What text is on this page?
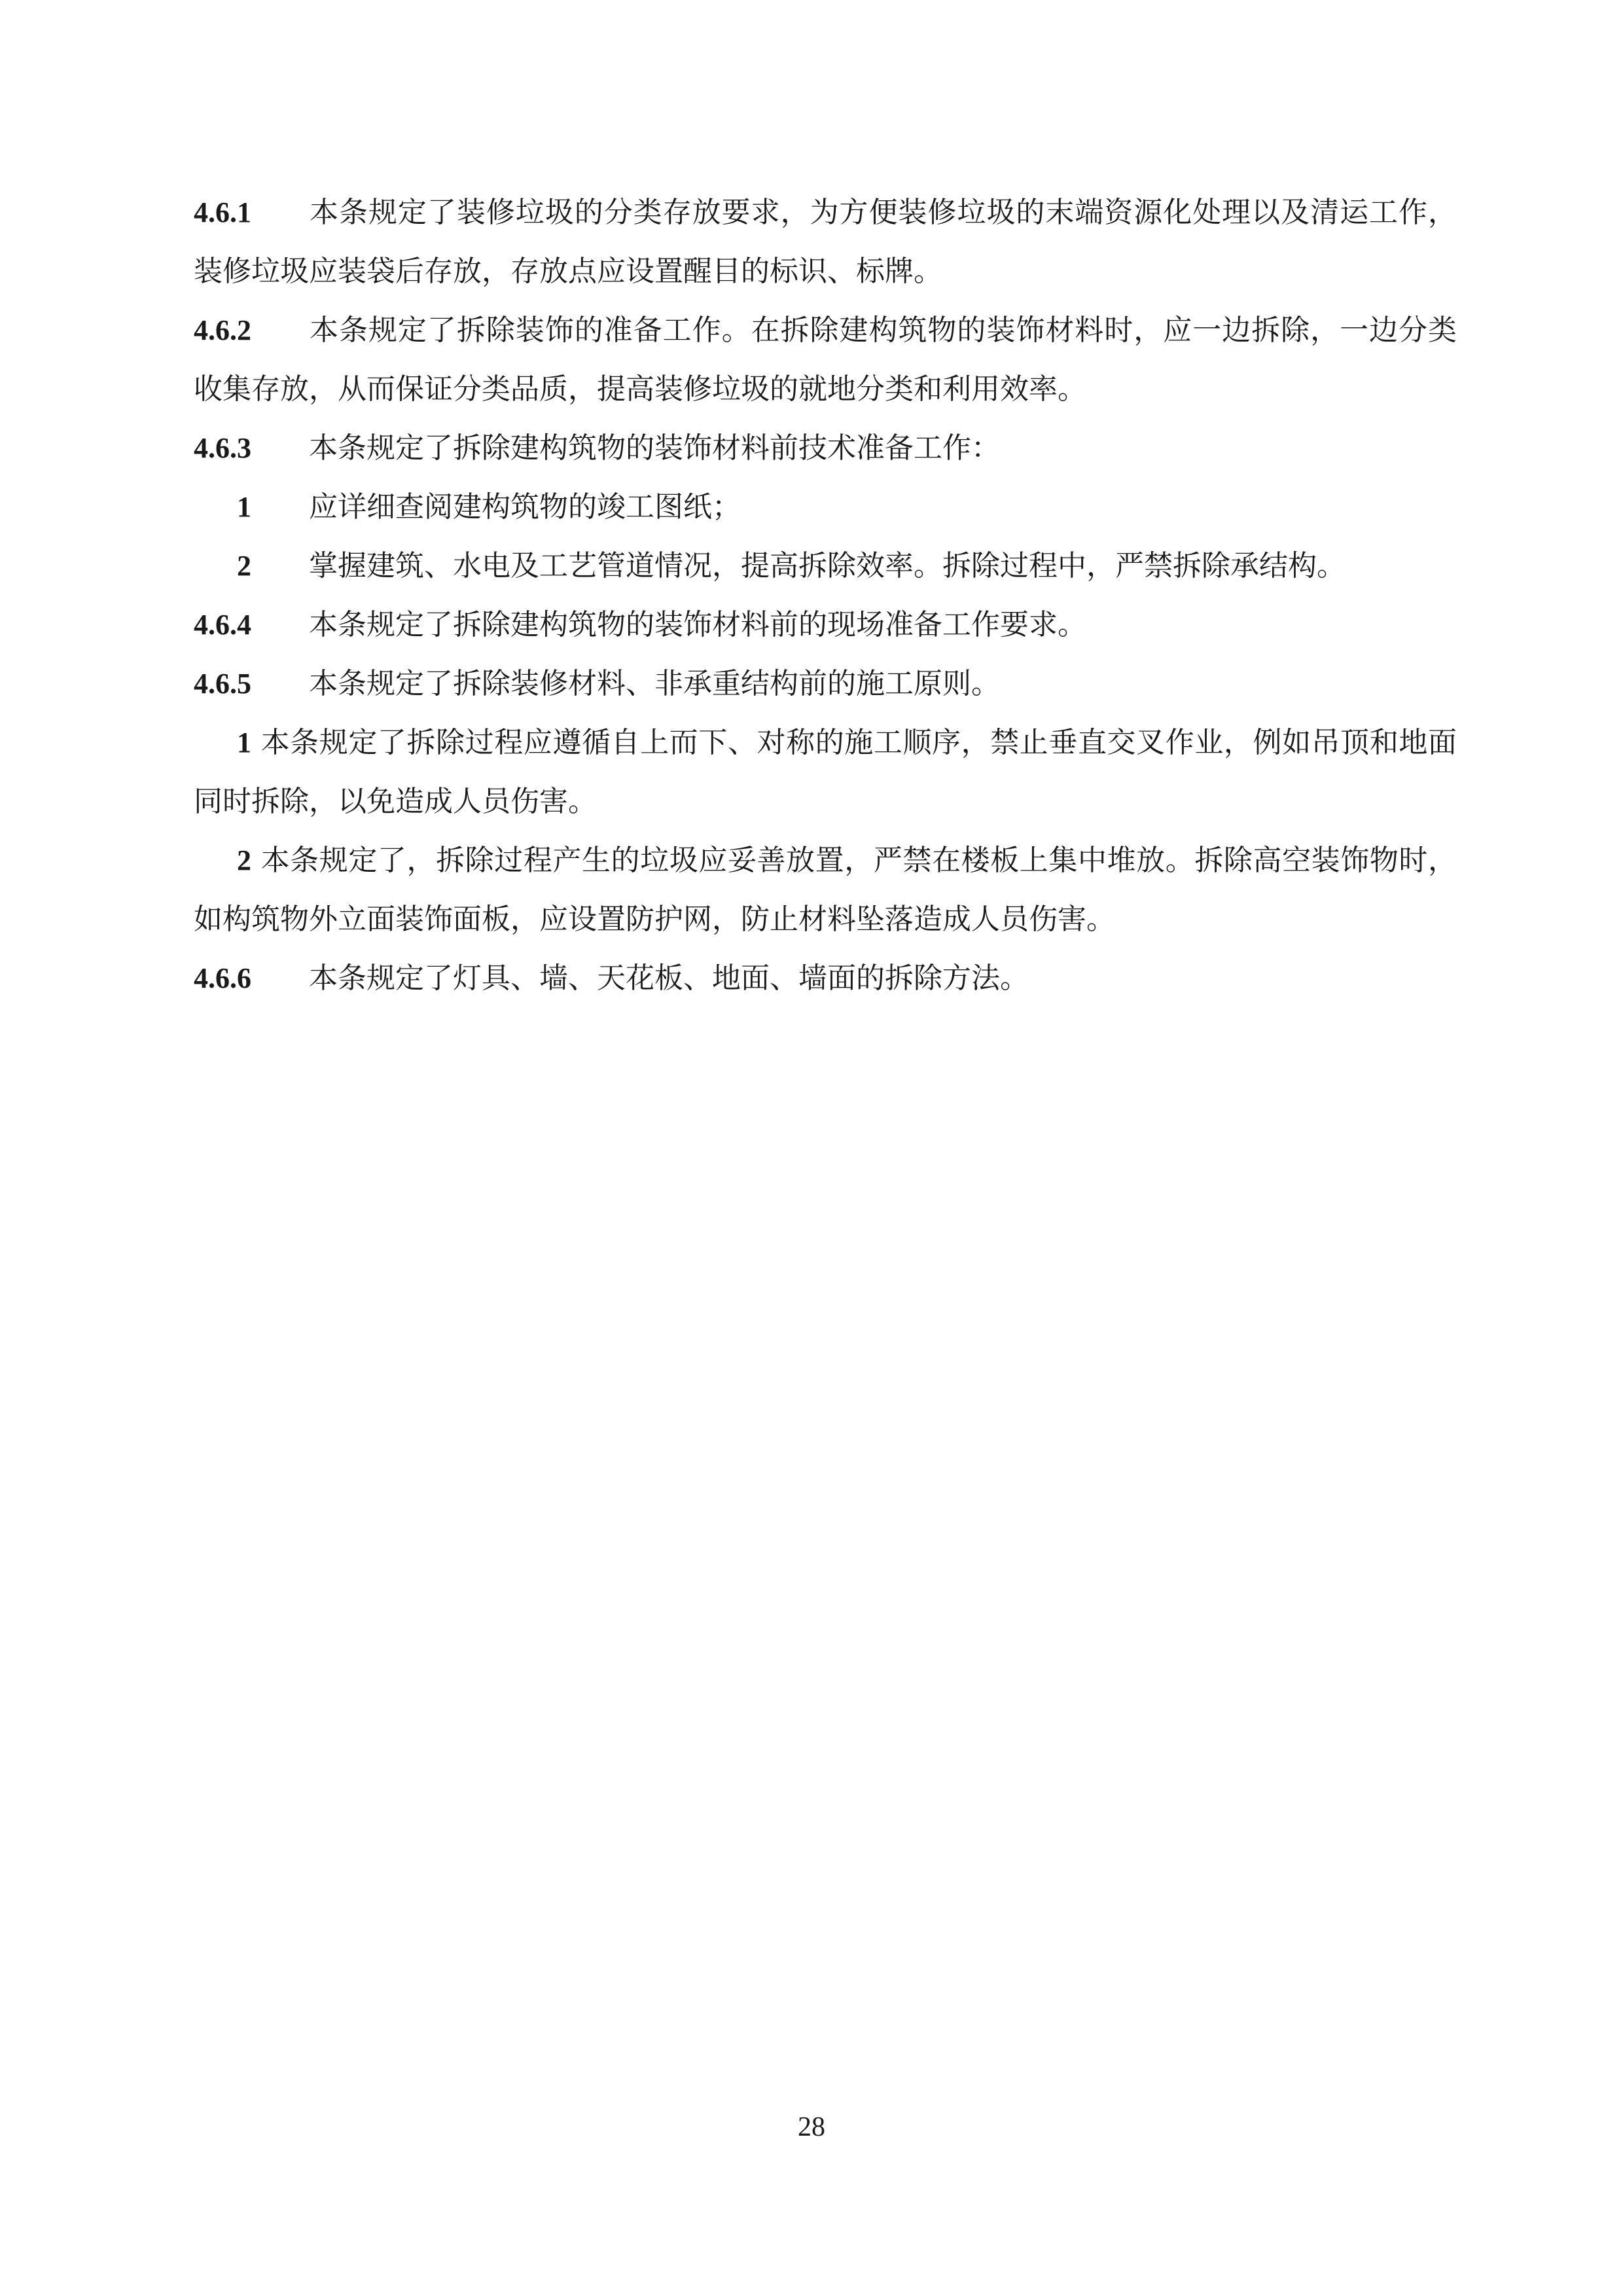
4.6.1 本条规定了装修垃圾的分类存放要求，为方便装修垃圾的末端资源化处理以及清运工作，装修垃圾应装袋后存放，存放点应设置醒目的标识、标牌。

4.6.2 本条规定了拆除装饰的准备工作。在拆除建构筑物的装饰材料时，应一边拆除，一边分类收集存放，从而保证分类品质，提高装修垃圾的就地分类和利用效率。

4.6.3 本条规定了拆除建构筑物的装饰材料前技术准备工作：

1 应详细查阅建构筑物的竣工图纸；

2 掌握建筑、水电及工艺管道情况，提高拆除效率。拆除过程中，严禁拆除承结构。

4.6.4 本条规定了拆除建构筑物的装饰材料前的现场准备工作要求。

4.6.5 本条规定了拆除装修材料、非承重结构前的施工原则。

1 本条规定了拆除过程应遵循自上而下、对称的施工顺序，禁止垂直交叉作业，例如吊顶和地面同时拆除，以免造成人员伤害。

2 本条规定了，拆除过程产生的垃圾应妥善放置，严禁在楼板上集中堆放。拆除高空装饰物时，如构筑物外立面装饰面板，应设置防护网，防止材料坠落造成人员伤害。

4.6.6 本条规定了灯具、墙、天花板、地面、墙面的拆除方法。

28
